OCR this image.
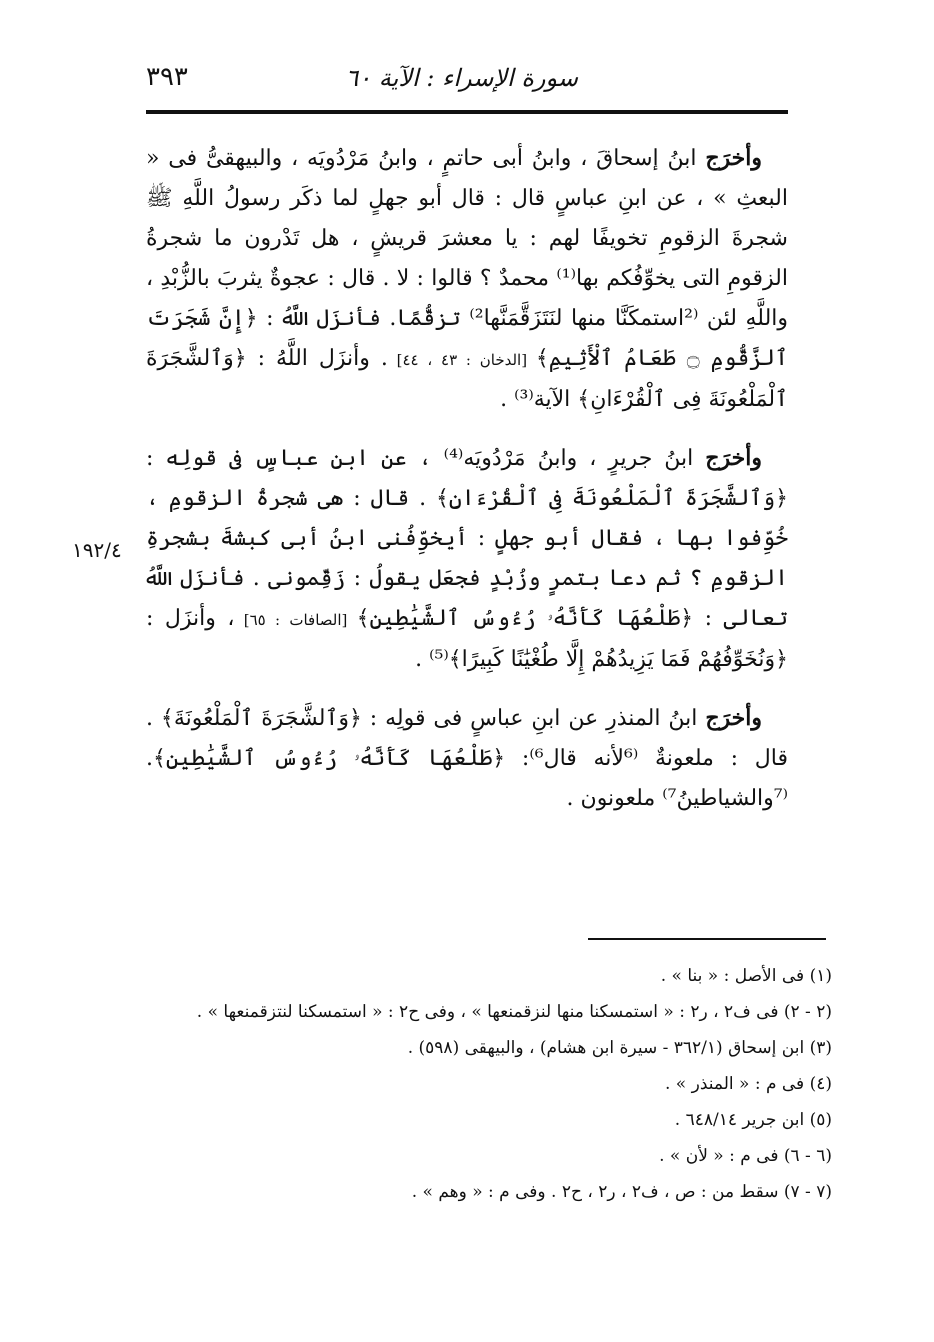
٣٩٣	سورة الإسراء : الآية ٦٠
١٩٢/٤

وأخرَج ابنُ إسحاقَ ، وابنُ أبى حاتمٍ ، وابنُ مَرْدُويَه ، والبيهقىُّ فى « البعثِ » ، عن ابنِ عباسٍ قال : قال أبو جهلٍ لما ذكَر رسولُ اللَّهِ ﷺ شجرةَ الزقومِ تخويفًا لهم : يا معشرَ قريشٍ ، هل تَدْرون ما شجرةُ الزقومِ التى يخوِّفُكم بها⁽¹⁾ محمدٌ ؟ قالوا : لا . قال : عجوةٌ يثربَ بالزُّبْدِ ، واللَّهِ لئن ⁽²استمكَنَّا منها لنَتَزَقَّمَنَّها²⁾ تزقُّمًا. فأنزَل اللَّهُ : ﴿إِنَّ شَجَرَتَ ٱلزَّقُّومِ ۝ طَعَامُ ٱلْأَثِيمِ﴾ [الدخان : ٤٣ ، ٤٤] . وأنزَل اللَّهُ : ﴿وَٱلشَّجَرَةَ ٱلْمَلْعُونَةَ فِى ٱلْقُرْءَانِ﴾ الآية⁽³⁾ .

وأخرَج ابنُ جريرٍ ، وابنُ مَرْدُويَه⁽⁴⁾ ، عن ابنِ عباسٍ فى قولِه : ﴿وَٱلشَّجَرَةَ ٱلْمَلْعُونَةَ فِى ٱلْقُرْءَانِ﴾ . قال : هى شجرةُ الزقومِ ، خُوِّفوا بها ، فقال أبو جهلٍ : أيخوِّفُنى ابنُ أبى كبشةَ بشجرةِ الزقومِ ؟ ثم دعا بتمرٍ وزُبْدٍ فجعَل يقولُ : زَقِّمونى . فأنزَل اللَّهُ تعالى : ﴿طَلْعُهَا كَأَنَّهُۥ رُءُوسُ ٱلشَّيَٰطِينِ﴾ [الصافات : ٦٥] ، وأنزَل : ﴿وَنُخَوِّفُهُمْ فَمَا يَزِيدُهُمْ إِلَّا طُغْيَٰنًا كَبِيرًا﴾⁽⁵⁾ .

وأخرَج ابنُ المنذرِ عن ابنِ عباسٍ فى قولِه : ﴿وَٱلشَّجَرَةَ ٱلْمَلْعُونَةَ﴾ . قال : ملعونةٌ ⁽⁶لأنه قال⁶⁾: ﴿طَلْعُهَا كَأَنَّهُۥ رُءُوسُ ٱلشَّيَٰطِينِ﴾. ⁽⁷والشياطينُ⁷⁾ ملعونون .

(١) فى الأصل : « بنا » .
(٢ - ٢) فى ف٢ ، ر٢ : « استمسكنا منها لنزقمنعها » ، وفى ح٢ : « استمسكنا لنتزقمنعها » .
(٣) ابن إسحاق (٣٦٢/١ - سيرة ابن هشام) ، والبيهقى (٥٩٨) .
(٤) فى م : « المنذر » .
(٥) ابن جرير ٦٤٨/١٤ .
(٦ - ٦) فى م : « لأن » .
(٧ - ٧) سقط من : ص ، ف٢ ، ر٢ ، ح٢ . وفى م : « وهم » .
